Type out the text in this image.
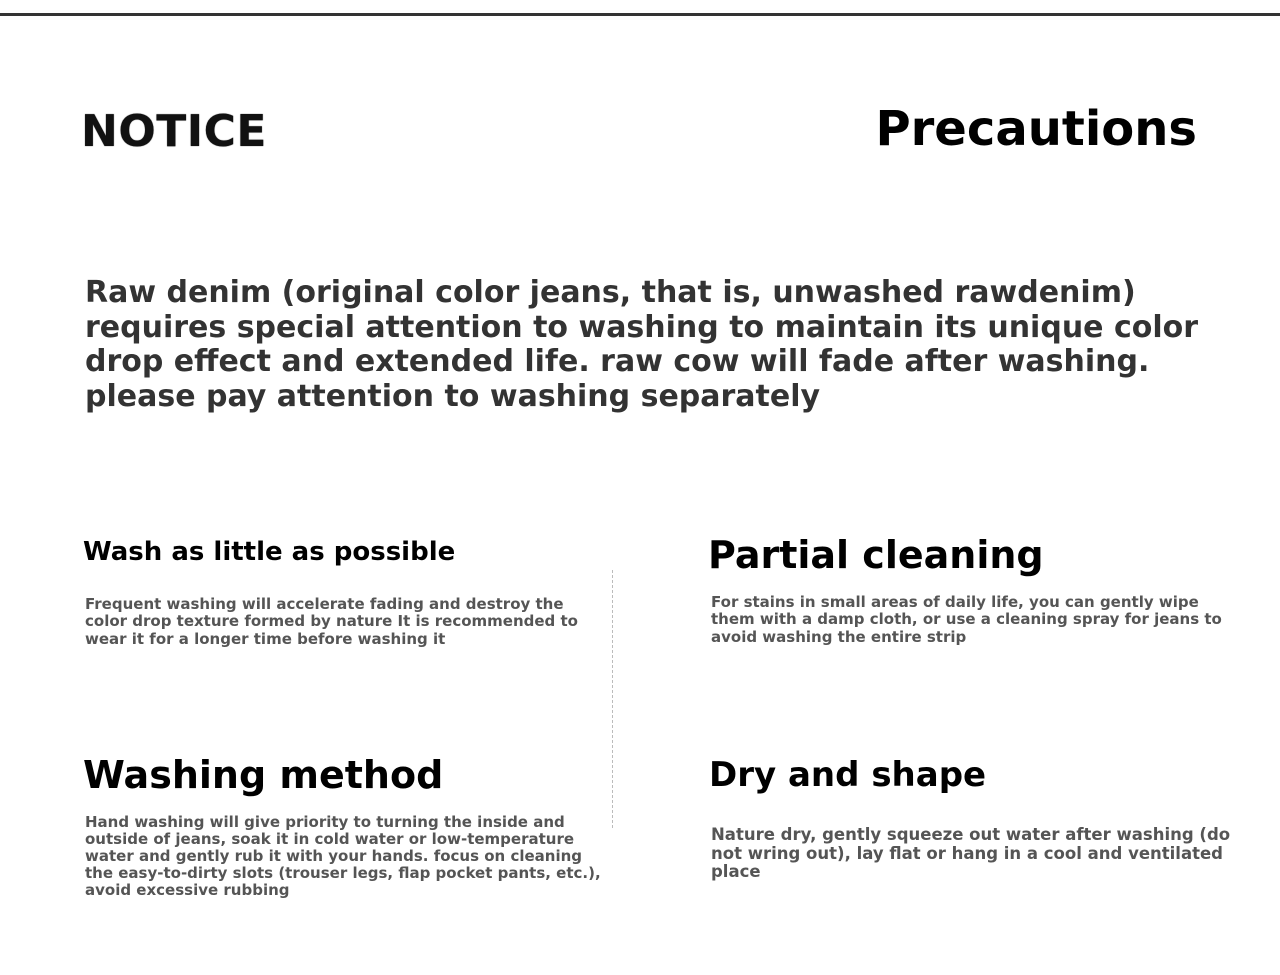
NOTICE	Precautions

Raw denim (original color jeans, that is, unwashed rawdenim) requires special attention to washing to maintain its unique color drop effect and extended life. raw cow will fade after washing. please pay attention to washing separately

Wash as little as possible

Frequent washing will accelerate fading and destroy the color drop texture formed by nature It is recommended to wear it for a longer time before washing it

Partial cleaning

For stains in small areas of daily life, you can gently wipe them with a damp cloth, or use a cleaning spray for jeans to avoid washing the entire strip

Washing method

Hand washing will give priority to turning the inside and outside of jeans, soak it in cold water or low-temperature water and gently rub it with your hands. focus on cleaning the easy-to-dirty slots (trouser legs, flap pocket pants, etc.), avoid excessive rubbing

Dry and shape

Nature dry, gently squeeze out water after washing (do not wring out), lay flat or hang in a cool and ventilated place
